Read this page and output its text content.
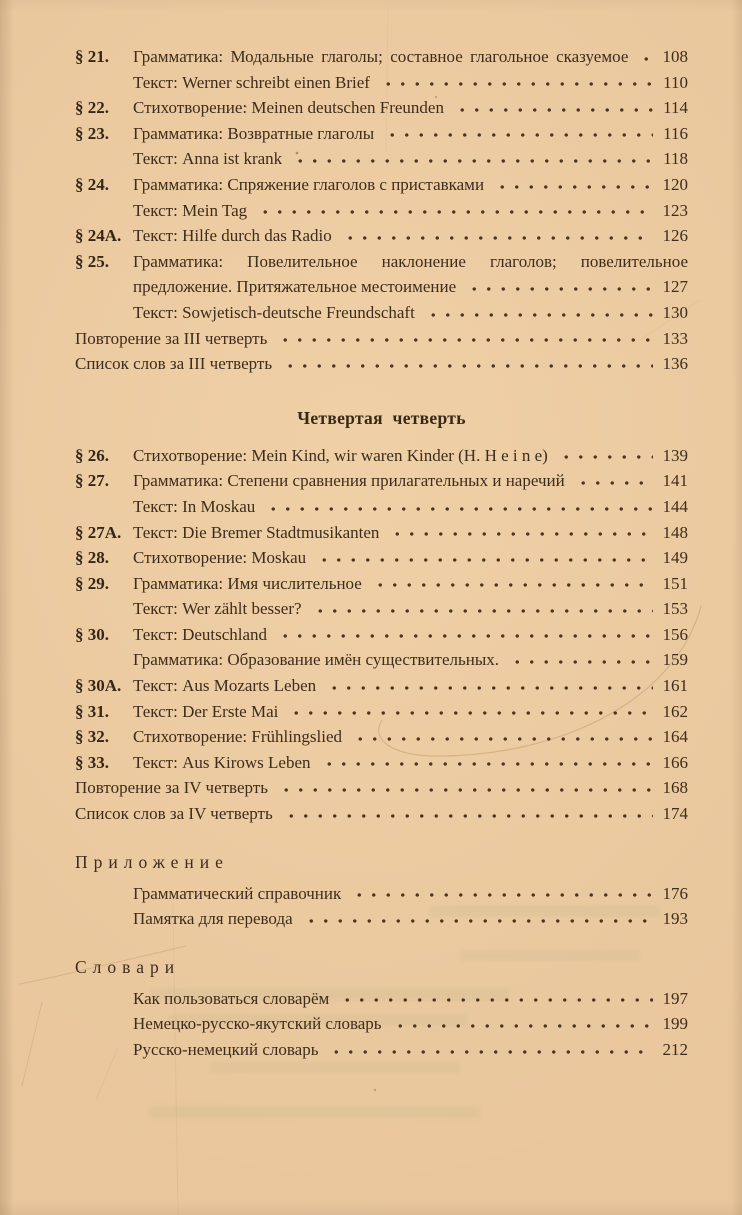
§ 21.	Грамматика: Модальные глаголы; составное глагольное сказуемое 108
Текст: Werner schreibt einen Brief	110
§ 22.	Стихотворение: Meinen deutschen Freunden	114
§ 23.	Грамматика: Возвратные глаголы	116
Текст: Anna ist krank	118
§ 24.	Грамматика: Спряжение глаголов с приставками	120
Текст: Mein Tag	123
§ 24А. Текст: Hilfe durch das Radio	126
§ 25.	Грамматика: Повелительное наклонение глаголов; повелительное
предложение. Притяжательное местоимение	127
Текст: Sowjetisch-deutsche Freundschaft	130
Повторение за III четверть	133
Список слов за III четверть	136
Четвертая четверть
§ 26.	Стихотворение: Mein Kind, wir waren Kinder (H. H e i n e)	139
§ 27.	Грамматика: Степени сравнения прилагательных и наречий	141
Текст: In Moskau	144
§ 27А. Текст: Die Bremer Stadtmusikanten	148
§ 28.	Стихотворение: Moskau	149
§ 29.	Грамматика: Имя числительное	151
Текст: Wer zählt besser?	153
§ 30.	Текст: Deutschland	156
Грамматика: Образование имён существительных.	159
§ 30А. Текст: Aus Mozarts Leben	161
§ 31.	Текст: Der Erste Mai	162
§ 32.	Стихотворение: Frühlingslied	164
§ 33.	Текст: Aus Kirows Leben	166
Повторение за IV четверть	168
Список слов за IV четверть	174
Приложение
Грамматический справочник	176
Памятка для перевода	193
Словари
Как пользоваться словарём	197
Немецко-русско-якутский словарь	199
Русско-немецкий словарь	212
